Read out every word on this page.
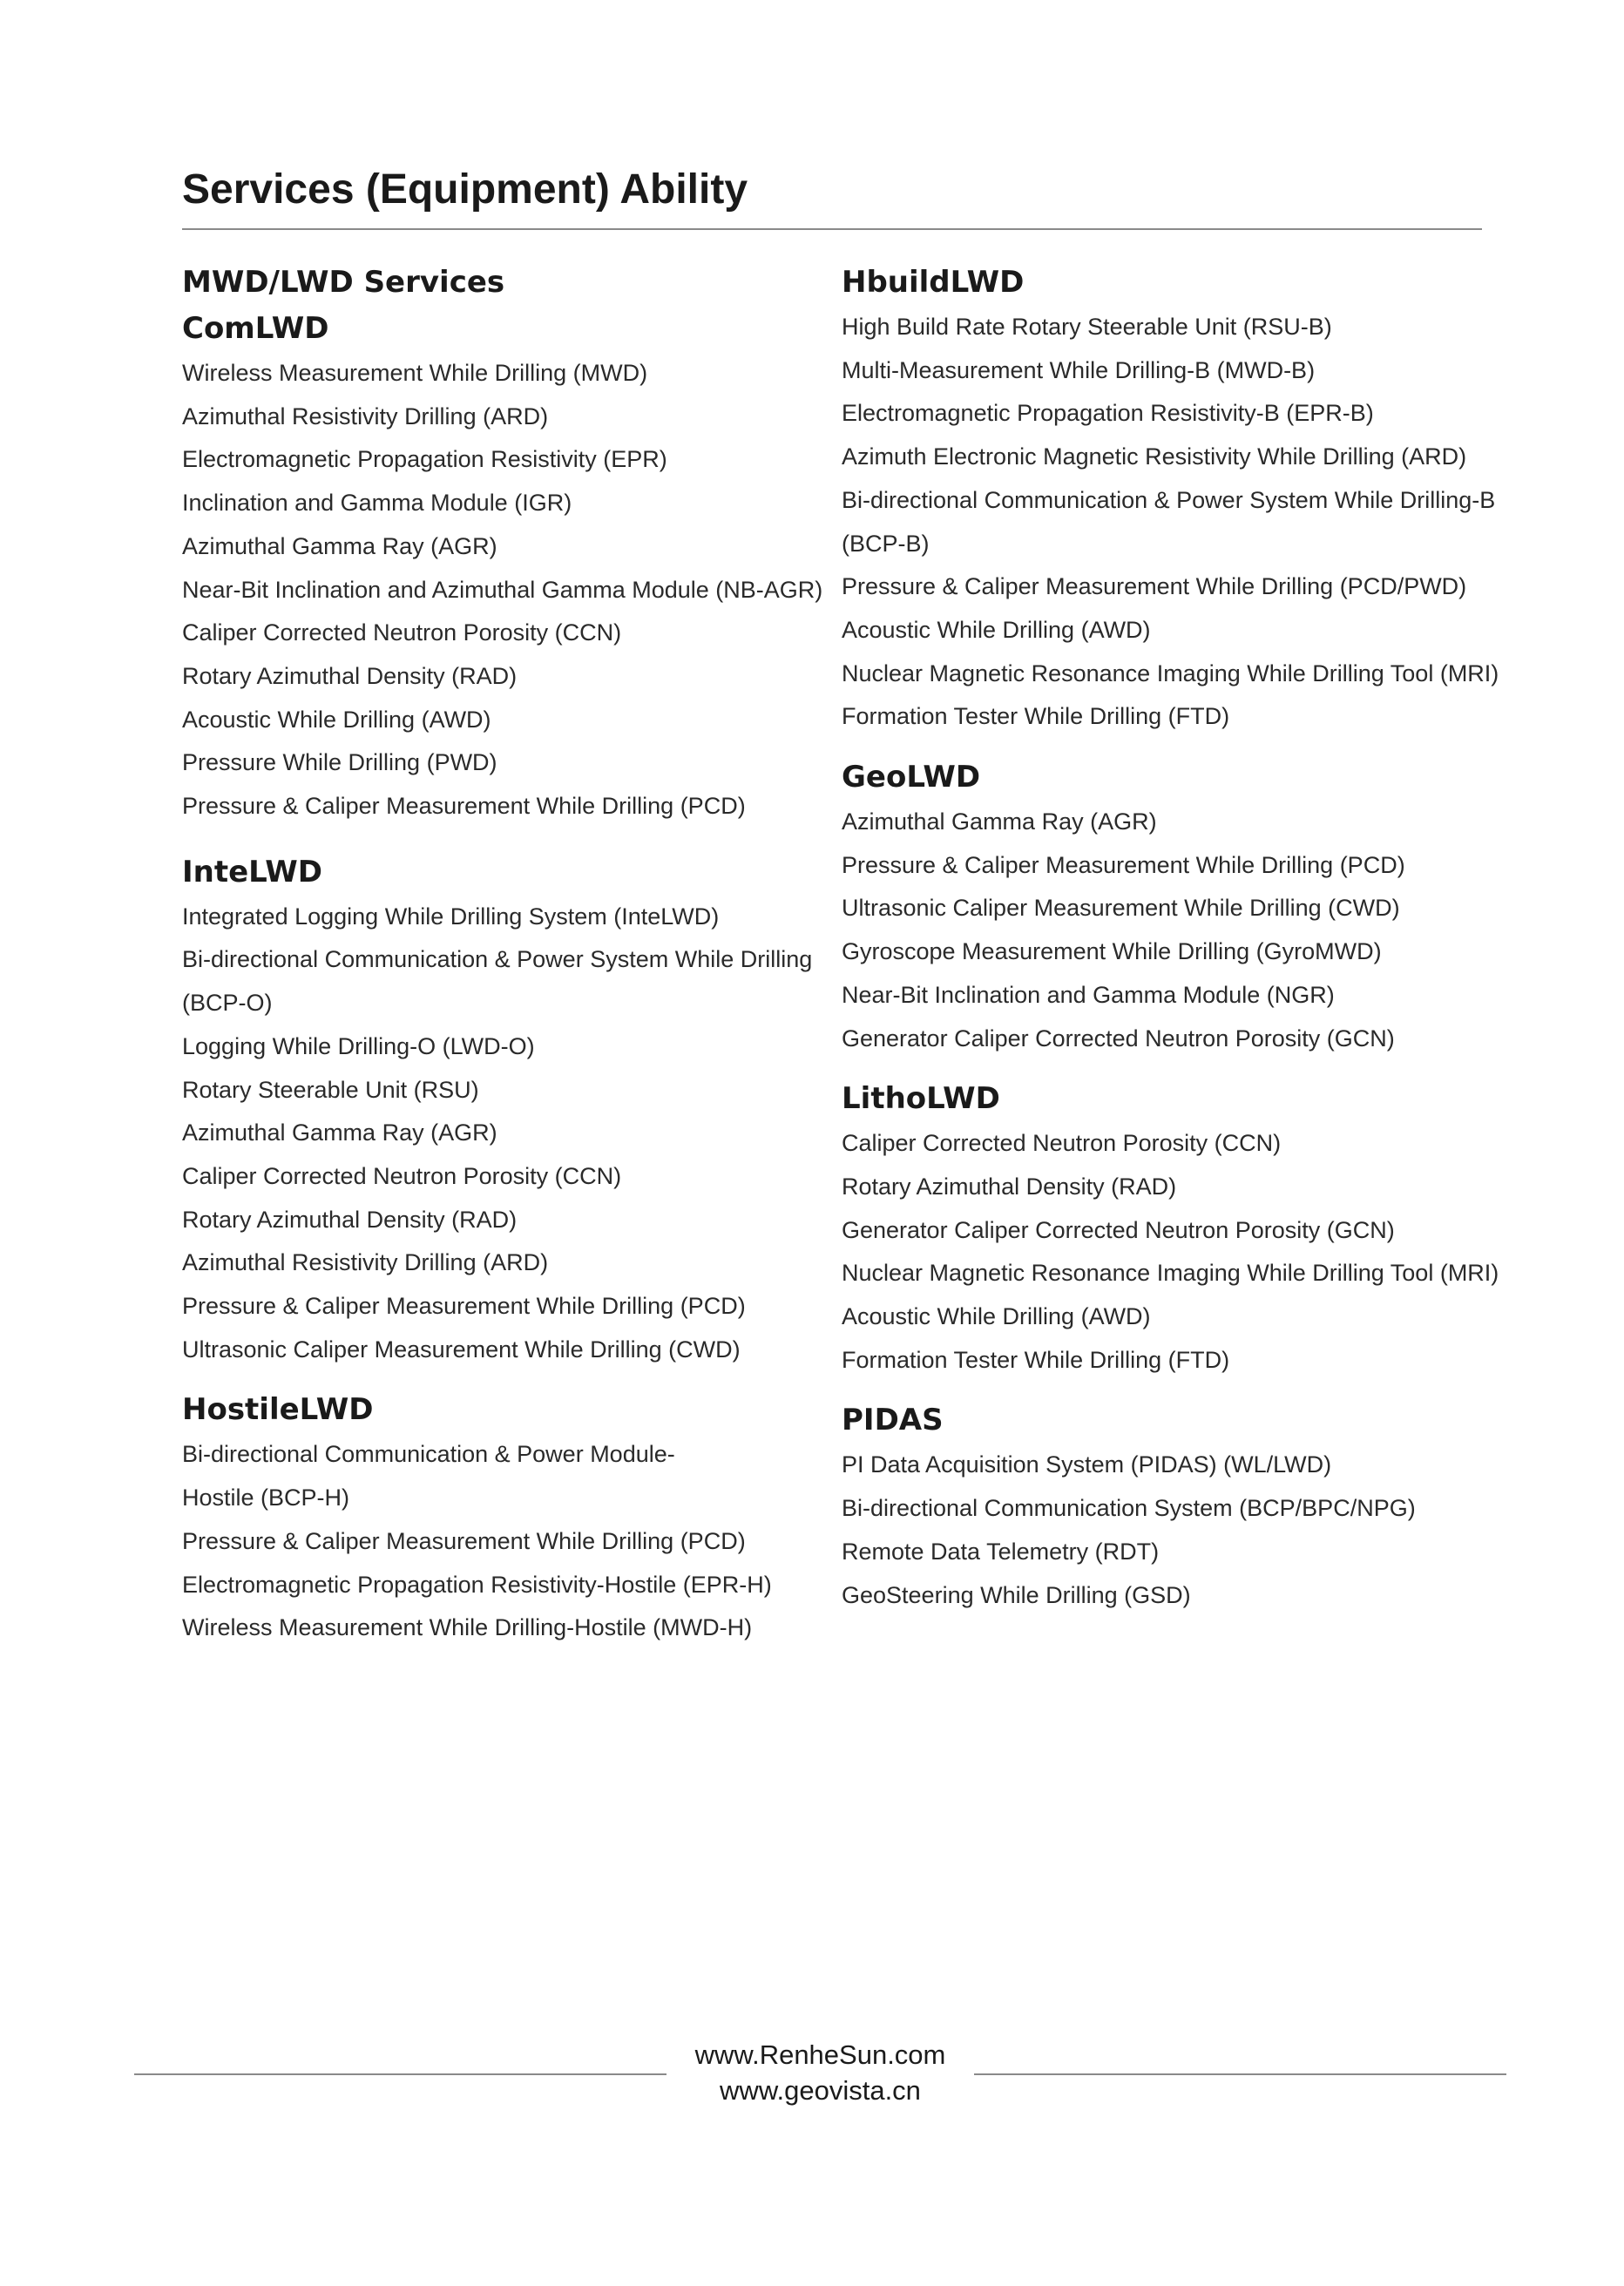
Services (Equipment) Ability
MWD/LWD Services
ComLWD
Wireless Measurement While Drilling (MWD)
Azimuthal Resistivity Drilling (ARD)
Electromagnetic Propagation Resistivity (EPR)
Inclination and Gamma Module (IGR)
Azimuthal Gamma Ray (AGR)
Near-Bit Inclination and Azimuthal Gamma Module (NB-AGR)
Caliper Corrected Neutron Porosity (CCN)
Rotary Azimuthal Density (RAD)
Acoustic While Drilling (AWD)
Pressure While Drilling (PWD)
Pressure & Caliper Measurement While Drilling (PCD)
InteLWD
Integrated Logging While Drilling System (InteLWD)
Bi-directional Communication & Power System While Drilling
(BCP-O)
Logging While Drilling-O (LWD-O)
Rotary Steerable Unit (RSU)
Azimuthal Gamma Ray (AGR)
Caliper Corrected Neutron Porosity (CCN)
Rotary Azimuthal Density (RAD)
Azimuthal Resistivity Drilling (ARD)
Pressure & Caliper Measurement While Drilling (PCD)
Ultrasonic Caliper Measurement While Drilling (CWD)
HostileLWD
Bi-directional Communication & Power Module-
Hostile (BCP-H)
Pressure & Caliper Measurement While Drilling (PCD)
Electromagnetic Propagation Resistivity-Hostile (EPR-H)
Wireless Measurement While Drilling-Hostile (MWD-H)
HbuildLWD
High Build Rate Rotary Steerable Unit (RSU-B)
Multi-Measurement While Drilling-B (MWD-B)
Electromagnetic Propagation Resistivity-B (EPR-B)
Azimuth Electronic Magnetic Resistivity While Drilling (ARD)
Bi-directional Communication & Power System While Drilling-B
(BCP-B)
Pressure & Caliper Measurement While Drilling (PCD/PWD)
Acoustic While Drilling (AWD)
Nuclear Magnetic Resonance Imaging While Drilling Tool (MRI)
Formation Tester While Drilling (FTD)
GeoLWD
Azimuthal Gamma Ray (AGR)
Pressure & Caliper Measurement While Drilling (PCD)
Ultrasonic Caliper Measurement While Drilling (CWD)
Gyroscope Measurement While Drilling (GyroMWD)
Near-Bit Inclination and Gamma Module (NGR)
Generator Caliper Corrected Neutron Porosity (GCN)
LithoLWD
Caliper Corrected Neutron Porosity (CCN)
Rotary Azimuthal Density (RAD)
Generator Caliper Corrected Neutron Porosity (GCN)
Nuclear Magnetic Resonance Imaging While Drilling Tool (MRI)
Acoustic While Drilling (AWD)
Formation Tester While Drilling (FTD)
PIDAS
PI Data Acquisition System (PIDAS) (WL/LWD)
Bi-directional Communication System (BCP/BPC/NPG)
Remote Data Telemetry (RDT)
GeoSteering While Drilling (GSD)
www.RenheSun.com
www.geovista.cn
